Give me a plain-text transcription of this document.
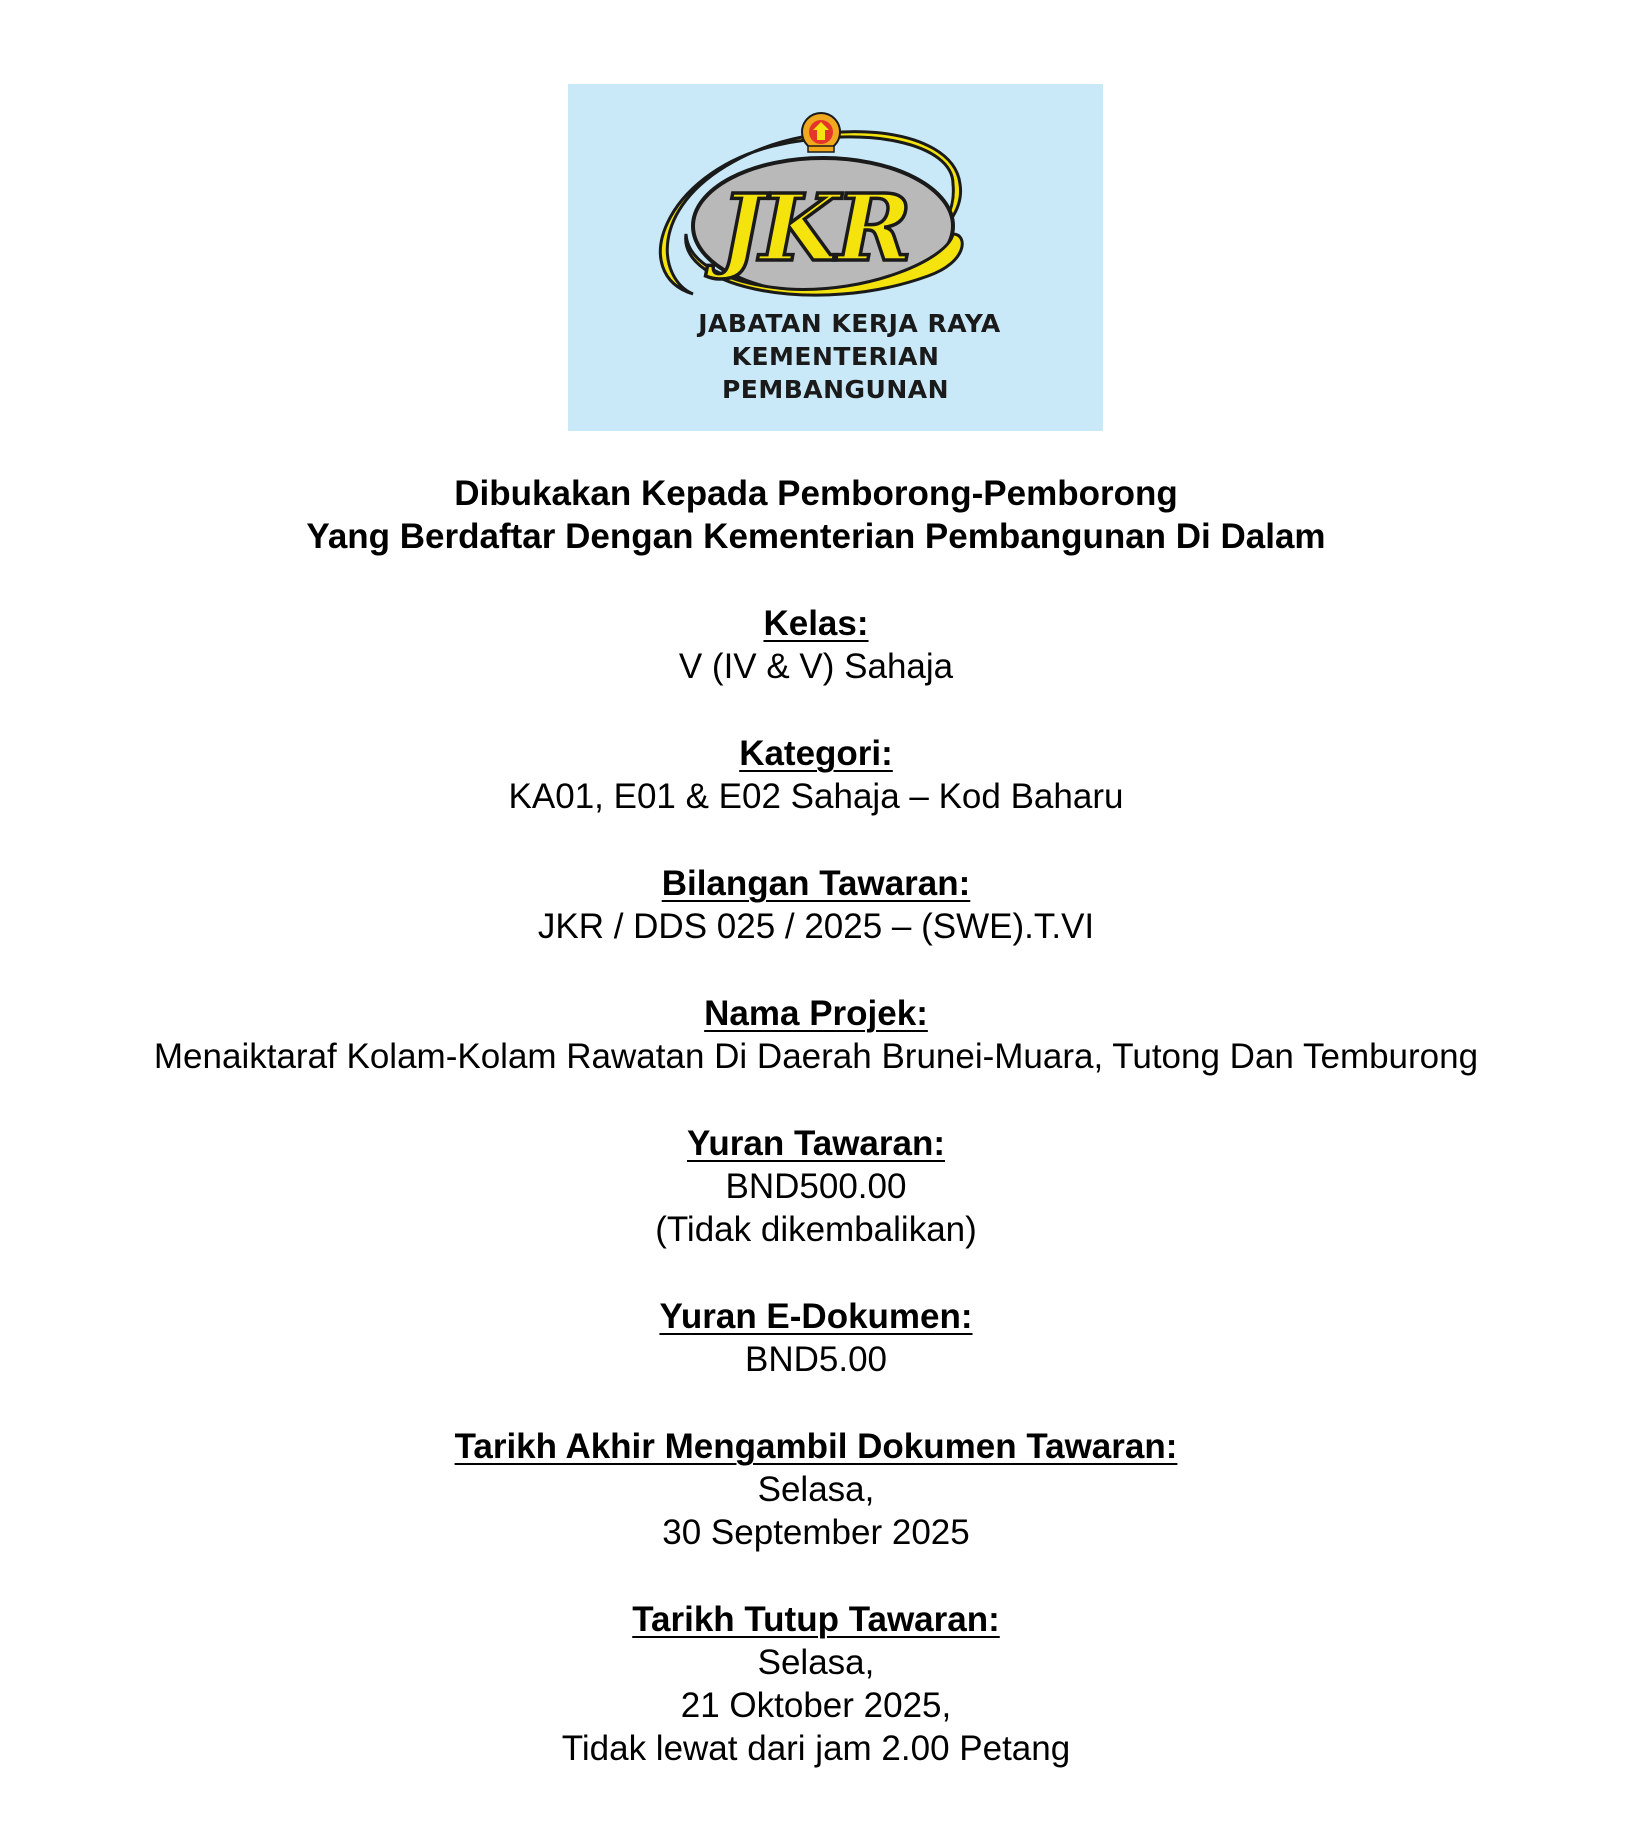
JKR
JABATAN KERJA RAYA
KEMENTERIAN
PEMBANGUNAN
Dibukakan Kepada Pemborong-Pemborong
Yang Berdaftar Dengan Kementerian Pembangunan Di Dalam
Kelas:
V (IV & V) Sahaja
Kategori:
KA01, E01 & E02 Sahaja – Kod Baharu
Bilangan Tawaran:
JKR / DDS 025 / 2025 – (SWE).T.VI
Nama Projek:
Menaiktaraf Kolam-Kolam Rawatan Di Daerah Brunei-Muara, Tutong Dan Temburong
Yuran Tawaran:
BND500.00
(Tidak dikembalikan)
Yuran E-Dokumen:
BND5.00
Tarikh Akhir Mengambil Dokumen Tawaran:
Selasa,
30 September 2025
Tarikh Tutup Tawaran:
Selasa,
21 Oktober 2025,
Tidak lewat dari jam 2.00 Petang
